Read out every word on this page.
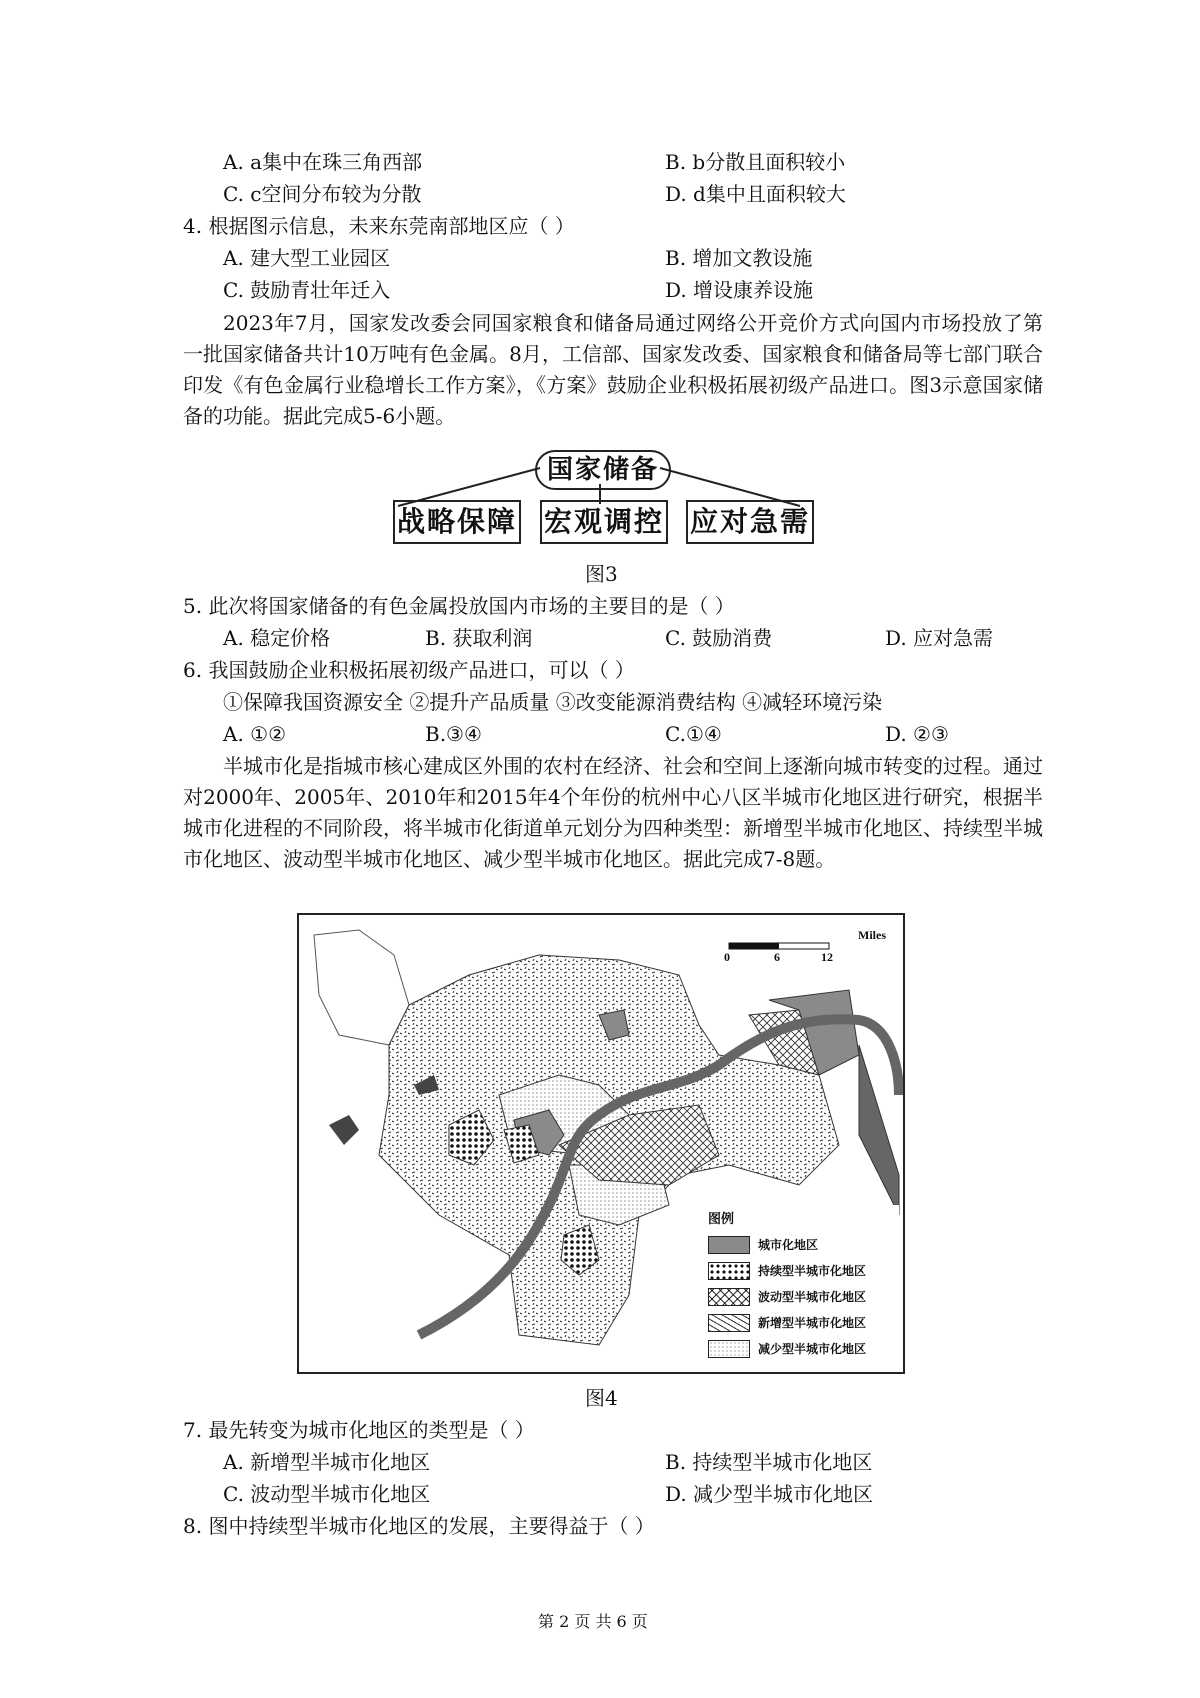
A. a集中在珠三角西部	B. b分散且面积较小
C. c空间分布较为分散	D. d集中且面积较大
4. 根据图示信息，未来东莞南部地区应（ ）
A. 建大型工业园区	B. 增加文教设施
C. 鼓励青壮年迁入	D. 增设康养设施
2023年7月，国家发改委会同国家粮食和储备局通过网络公开竞价方式向国内市场投放了第一批国家储备共计10万吨有色金属。8月，工信部、国家发改委、国家粮食和储备局等七部门联合印发《有色金属行业稳增长工作方案》，《方案》鼓励企业积极拓展初级产品进口。图3示意国家储备的功能。据此完成5-6小题。
国家储备
战略保障 宏观调控 应对急需
图3
5. 此次将国家储备的有色金属投放国内市场的主要目的是（ ）
A. 稳定价格	B. 获取利润	C. 鼓励消费	D. 应对急需
6. 我国鼓励企业积极拓展初级产品进口，可以（ ）
①保障我国资源安全 ②提升产品质量 ③改变能源消费结构 ④减轻环境污染
A. ①②	B.③④	C.①④	D. ②③
半城市化是指城市核心建成区外围的农村在经济、社会和空间上逐渐向城市转变的过程。通过对2000年、2005年、2010年和2015年4个年份的杭州中心八区半城市化地区进行研究，根据半城市化进程的不同阶段，将半城市化街道单元划分为四种类型：新增型半城市化地区、持续型半城市化地区、波动型半城市化地区、减少型半城市化地区。据此完成7-8题。
Miles
0	6	12
图例
城市化地区
持续型半城市化地区
波动型半城市化地区
新增型半城市化地区
减少型半城市化地区
图4
7. 最先转变为城市化地区的类型是（ ）
A. 新增型半城市化地区	B. 持续型半城市化地区
C. 波动型半城市化地区	D. 减少型半城市化地区
8. 图中持续型半城市化地区的发展，主要得益于（ ）
第 2 页 共 6 页
